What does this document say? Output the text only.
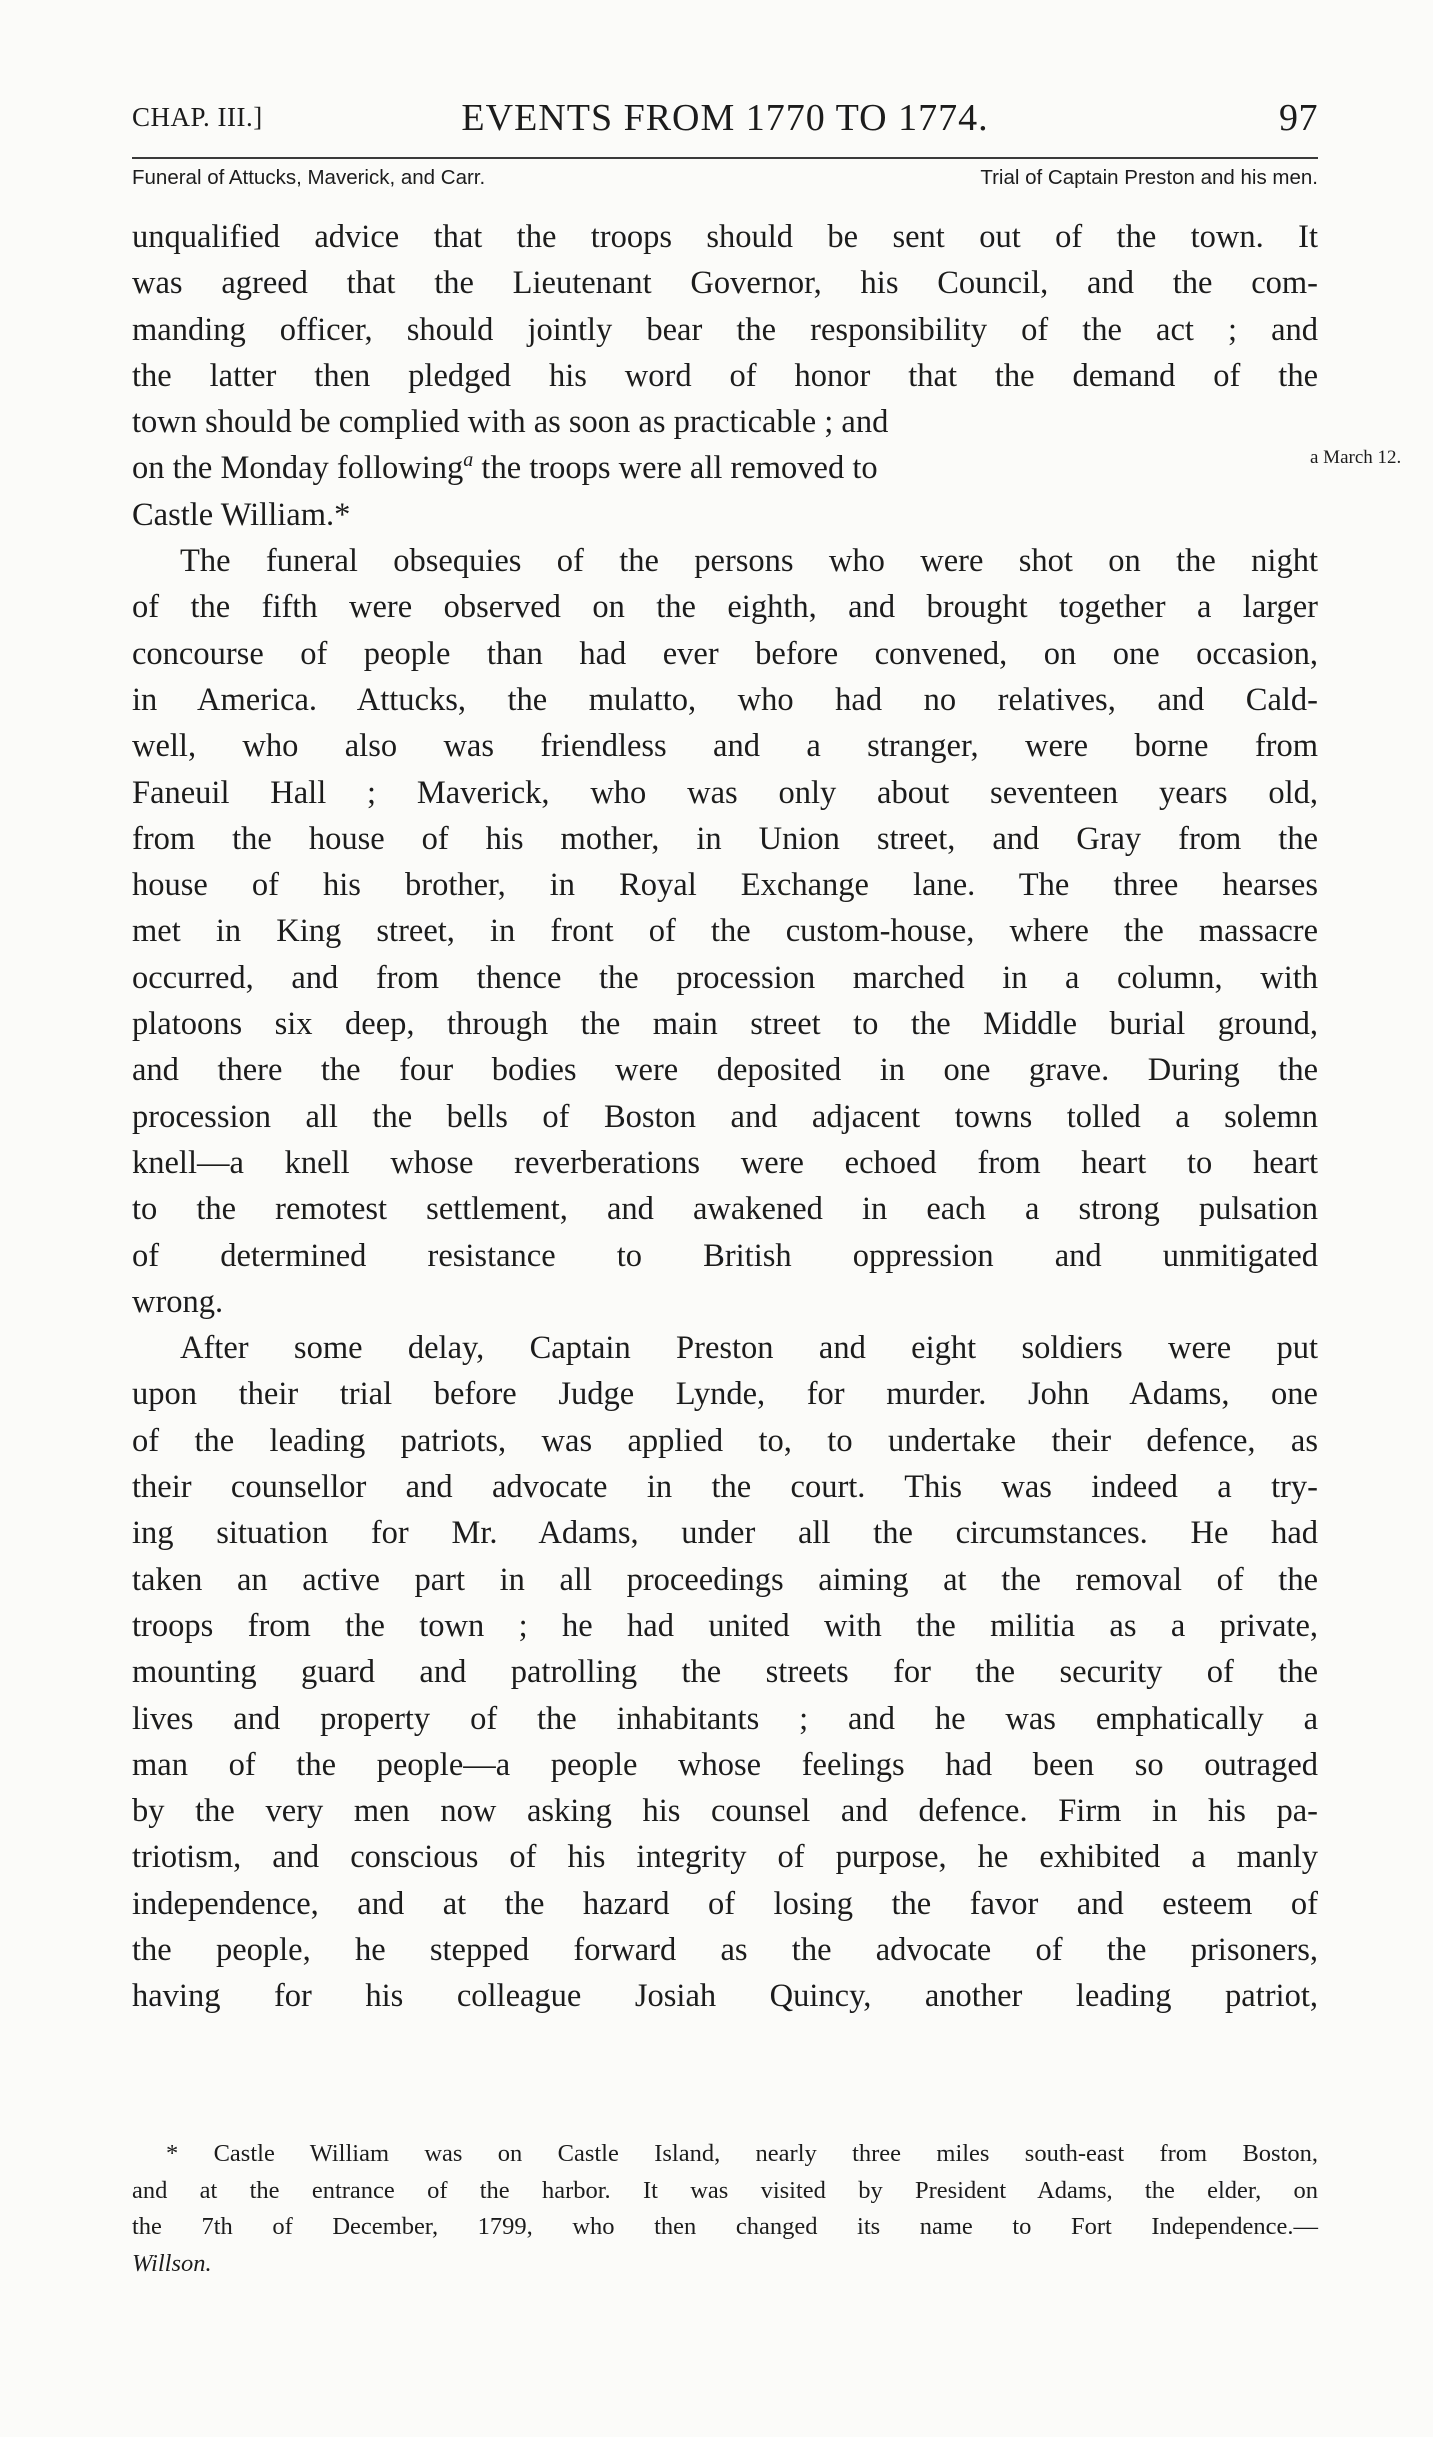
CHAP. III.]	EVENTS FROM 1770 TO 1774.	97
Funeral of Attucks, Maverick, and Carr.	Trial of Captain Preston and his men.
unqualified advice that the troops should be sent out of the town. It
was agreed that the Lieutenant Governor, his Council, and the com-
manding officer, should jointly bear the responsibility of the act ; and
the latter then pledged his word of honor that the demand of the
town should be complied with as soon as practicable ; and
on the Monday following$^a$ the troops were all removed to	a March 12.
Castle William.*
The funeral obsequies of the persons who were shot on the night
of the fifth were observed on the eighth, and brought together a larger
concourse of people than had ever before convened, on one occasion,
in America. Attucks, the mulatto, who had no relatives, and Cald-
well, who also was friendless and a stranger, were borne from
Faneuil Hall ; Maverick, who was only about seventeen years old,
from the house of his mother, in Union street, and Gray from the
house of his brother, in Royal Exchange lane. The three hearses
met in King street, in front of the custom-house, where the massacre
occurred, and from thence the procession marched in a column, with
platoons six deep, through the main street to the Middle burial ground,
and there the four bodies were deposited in one grave. During the
procession all the bells of Boston and adjacent towns tolled a solemn
knell—a knell whose reverberations were echoed from heart to heart
to the remotest settlement, and awakened in each a strong pulsation
of determined resistance to British oppression and unmitigated
wrong.
After some delay, Captain Preston and eight soldiers were put
upon their trial before Judge Lynde, for murder. John Adams, one
of the leading patriots, was applied to, to undertake their defence, as
their counsellor and advocate in the court. This was indeed a try-
ing situation for Mr. Adams, under all the circumstances. He had
taken an active part in all proceedings aiming at the removal of the
troops from the town ; he had united with the militia as a private,
mounting guard and patrolling the streets for the security of the
lives and property of the inhabitants ; and he was emphatically a
man of the people—a people whose feelings had been so outraged
by the very men now asking his counsel and defence. Firm in his pa-
triotism, and conscious of his integrity of purpose, he exhibited a manly
independence, and at the hazard of losing the favor and esteem of
the people, he stepped forward as the advocate of the prisoners,
having for his colleague Josiah Quincy, another leading patriot,
* Castle William was on Castle Island, nearly three miles south-east from Boston,
and at the entrance of the harbor. It was visited by President Adams, the elder, on
the 7th of December, 1799, who then changed its name to Fort Independence.—
Willson.
